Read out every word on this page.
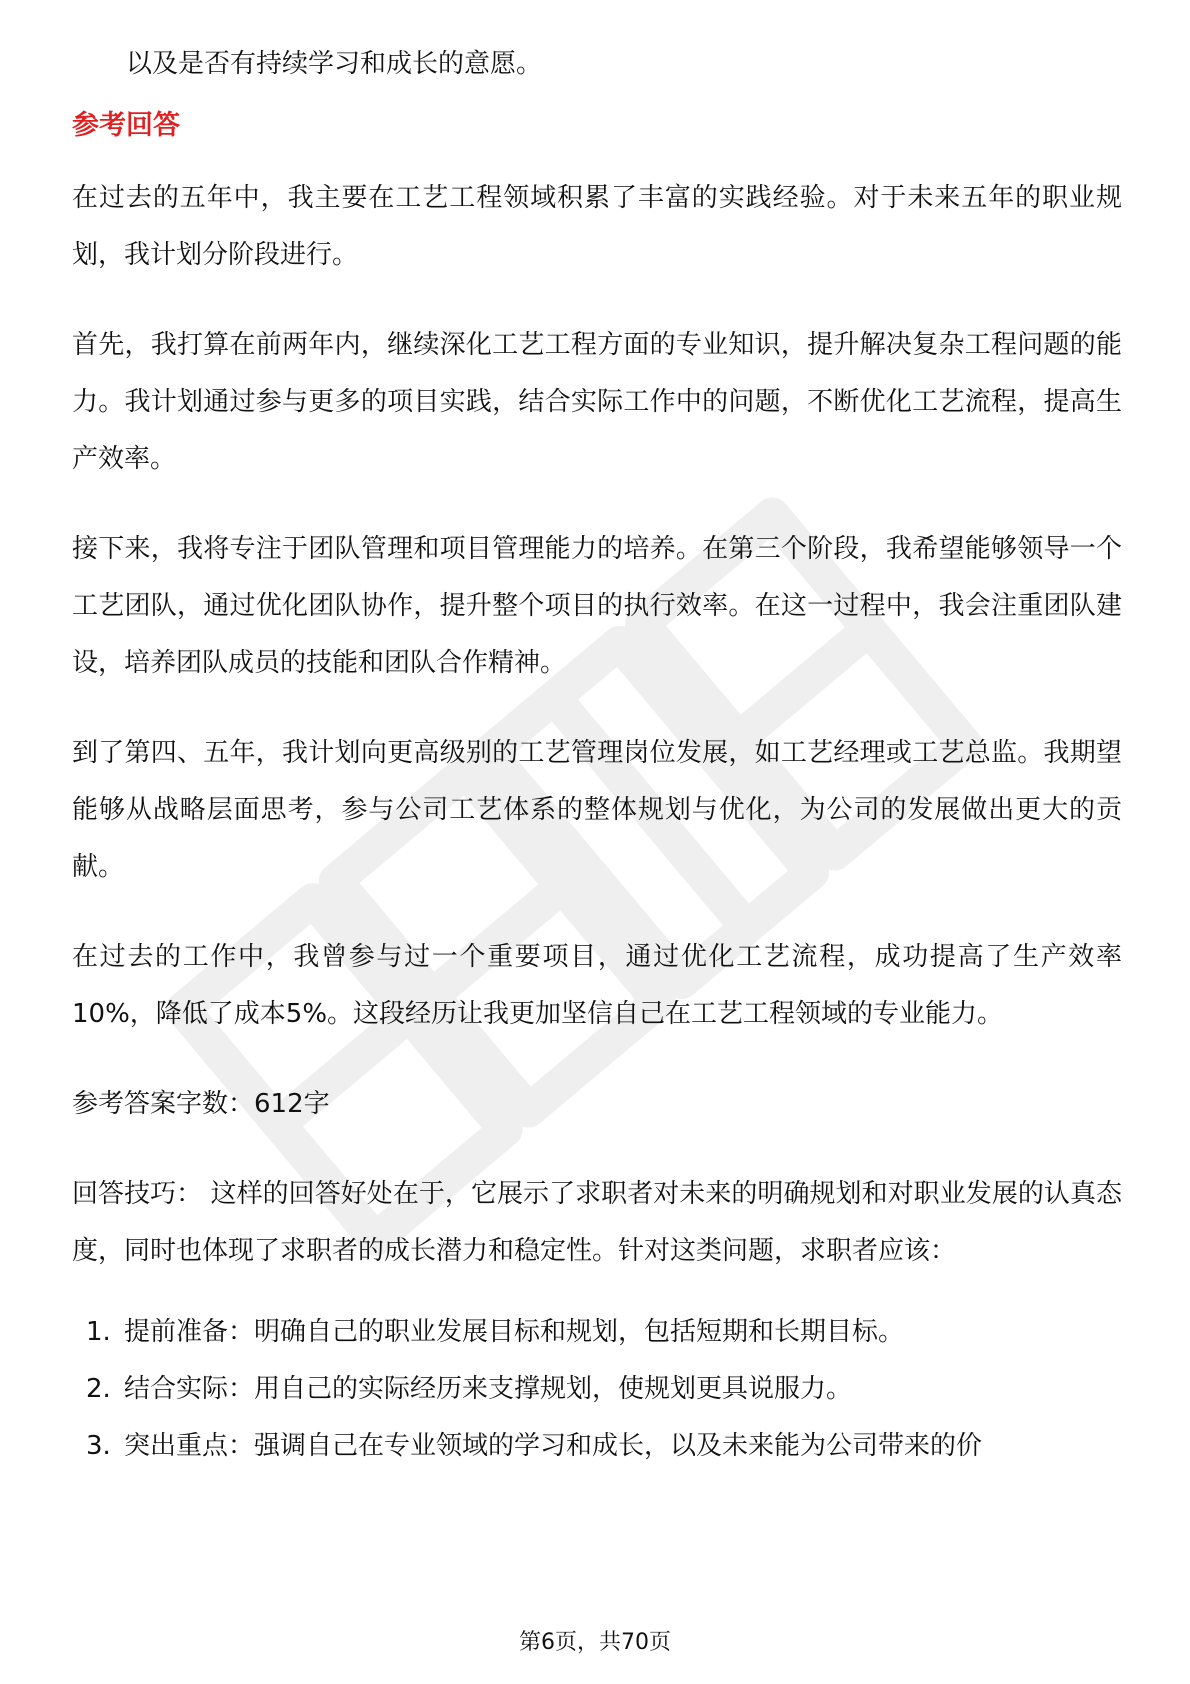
以及是否有持续学习和成长的意愿。

参考回答

在过去的五年中，我主要在工艺工程领域积累了丰富的实践经验。对于未来五年的职业规划，我计划分阶段进行。

首先，我打算在前两年内，继续深化工艺工程方面的专业知识，提升解决复杂工程问题的能力。我计划通过参与更多的项目实践，结合实际工作中的问题，不断优化工艺流程，提高生产效率。

接下来，我将专注于团队管理和项目管理能力的培养。在第三个阶段，我希望能够领导一个工艺团队，通过优化团队协作，提升整个项目的执行效率。在这一过程中，我会注重团队建设，培养团队成员的技能和团队合作精神。

到了第四、五年，我计划向更高级别的工艺管理岗位发展，如工艺经理或工艺总监。我期望能够从战略层面思考，参与公司工艺体系的整体规划与优化，为公司的发展做出更大的贡献。

在过去的工作中，我曾参与过一个重要项目，通过优化工艺流程，成功提高了生产效率10%，降低了成本5%。这段经历让我更加坚信自己在工艺工程领域的专业能力。

参考答案字数：612字

回答技巧： 这样的回答好处在于，它展示了求职者对未来的明确规划和对职业发展的认真态度，同时也体现了求职者的成长潜力和稳定性。针对这类问题，求职者应该：

1. 提前准备：明确自己的职业发展目标和规划，包括短期和长期目标。
2. 结合实际：用自己的实际经历来支撑规划，使规划更具说服力。
3. 突出重点：强调自己在专业领域的学习和成长，以及未来能为公司带来的价
第6页，共70页
